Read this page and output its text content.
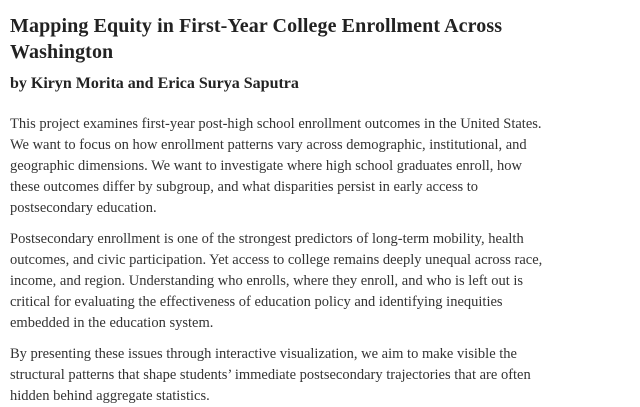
Mapping Equity in First-Year College Enrollment Across Washington

by Kiryn Morita and Erica Surya Saputra

This project examines first-year post-high school enrollment outcomes in the United States. We want to focus on how enrollment patterns vary across demographic, institutional, and geographic dimensions. We want to investigate where high school graduates enroll, how these outcomes differ by subgroup, and what disparities persist in early access to postsecondary education.

Postsecondary enrollment is one of the strongest predictors of long-term mobility, health outcomes, and civic participation. Yet access to college remains deeply unequal across race, income, and region. Understanding who enrolls, where they enroll, and who is left out is critical for evaluating the effectiveness of education policy and identifying inequities embedded in the education system.

By presenting these issues through interactive visualization, we aim to make visible the structural patterns that shape students’ immediate postsecondary trajectories that are often hidden behind aggregate statistics.
